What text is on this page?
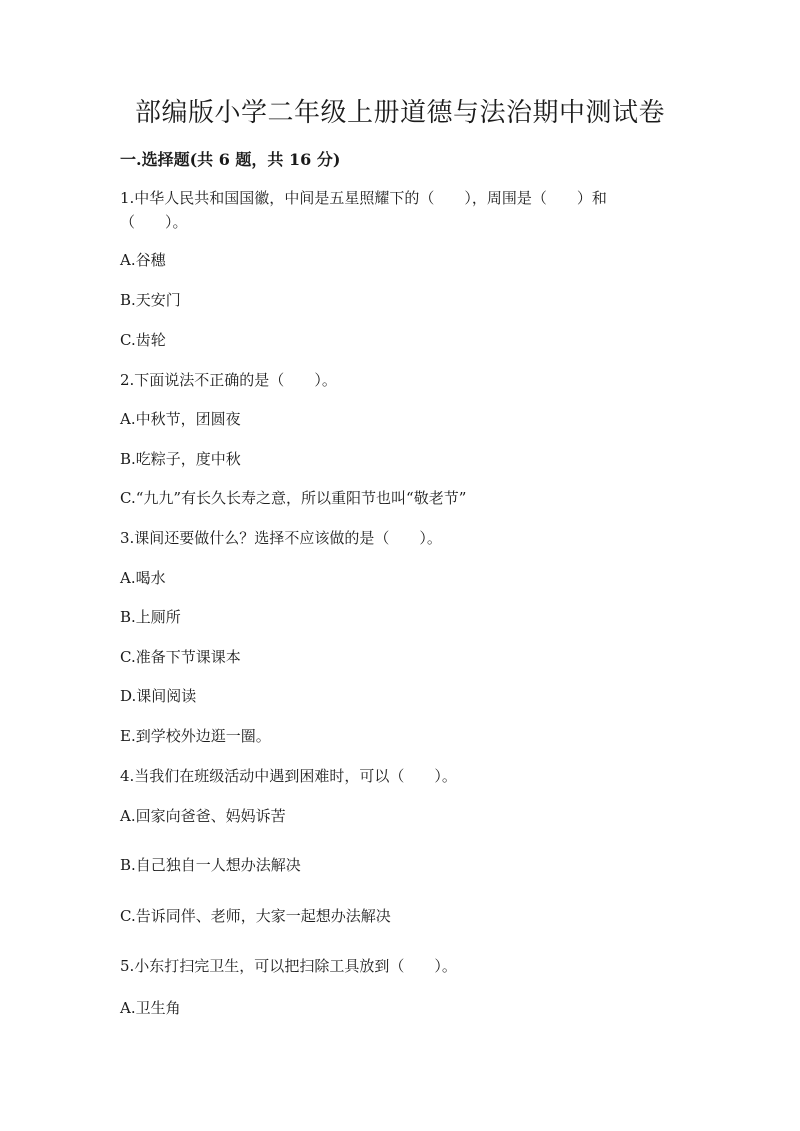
部编版小学二年级上册道德与法治期中测试卷
一.选择题(共 6 题，共 16 分)
1.中华人民共和国国徽，中间是五星照耀下的（　　），周围是（　　）和
（　　）。
A.谷穗
B.天安门
C.齿轮
2.下面说法不正确的是（　　）。
A.中秋节，团圆夜
B.吃粽子，度中秋
C.“九九”有长久长寿之意，所以重阳节也叫“敬老节”
3.课间还要做什么？选择不应该做的是（　　）。
A.喝水
B.上厕所
C.准备下节课课本
D.课间阅读
E.到学校外边逛一圈。
4.当我们在班级活动中遇到困难时，可以（　　）。
A.回家向爸爸、妈妈诉苦
B.自己独自一人想办法解决
C.告诉同伴、老师，大家一起想办法解决
5.小东打扫完卫生，可以把扫除工具放到（　　）。
A.卫生角
